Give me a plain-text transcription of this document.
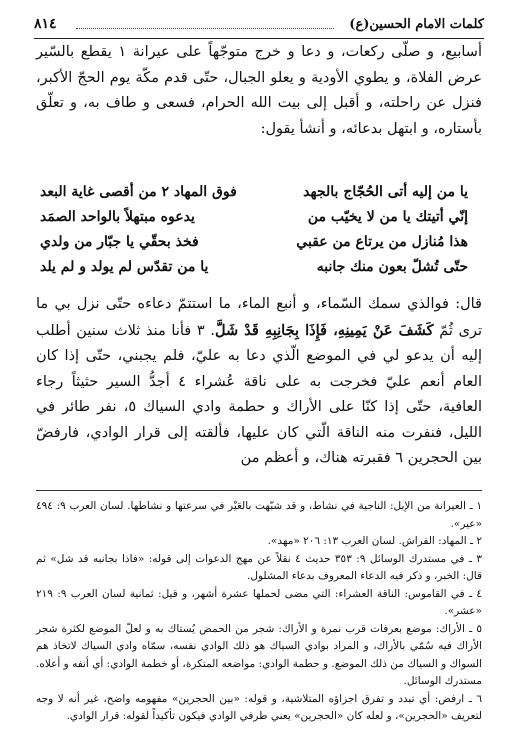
كلمات الامام الحسين(ع)
٨١٤
أسابيع، و صلّى ركعات، و دعا و خرج متوجّهاً على عيرانة ١ يقطع بالسّير عرض الفلاة، و يطوي الأودية و يعلو الجبال، حتّى قدم مكّة يوم الحجّ الأكبر، فنزل عن راحلته، و أقبل إلى بيت الله الحرام، فسعى و طاف به، و تعلّق بأستاره، و ابتهل بدعائه، و أنشأ يقول:
يا من إليه أتى الحُجّاج بالجهد
فوق المهاد ٢ من أقصى غاية البعد
إنّي أتيتك يا من لا يخيّب من
يدعوه مبتهلاً بالواحد الصمَد
هذا مُنازل من يرتاع من عقبي
فخذ بحقّي يا جبّار من ولدي
حتّى تُشلّ بعون منك جانبه
يا من تقدّس لم يولد و لم يلد
قال: فوالذي سمك السّماء، و أنبع الماء، ما استتمّ دعاءه حتّى نزل بي ما ترى ثُمّ كَشَفَ عَنْ يَمِينِهِ، فَإِذَا بِجَانِبِهِ قَدْ شَلَّ. ٣ فأنا منذ ثلاث سنين أطلب إليه أن يدعو لي في الموضع الّذي دعا به عليّ، فلم يجبني، حتّى إذا كان العام أنعم عليّ فخرجت به على ناقة عُشراء ٤ أجدُّ السير حثيثاً رجاء العافية، حتّى إذا كنّا على الأراك و حطمة وادي السياك ٥، نفر طائر في الليل، فنفرت منه الناقة الّتي كان عليها، فألقته إلى قرار الوادي، فارفضّ بين الحجرين ٦ فقبرته هناك، و أعظم من

١ ـ العيرانة من الإبل: الناجية في نشاط، و قد شبّهت بالعَيْر في سرعتها و نشاطها. لسان العرب ٩: ٤٩٤ «عير».

٢ ـ المهاد: الفراش. لسان العرب ١٣: ٢٠٦ «مهد».

٣ ـ في مستدرك الوسائل ٩: ٣٥٣ حديث ٤ نقلاً عن مهج الدعوات إلى قوله: «فاذا بجانبه قد شل» ثم قال: الخبر، و ذكر فيه الدعاء المعروف بدعاء المشلول.

٤ ـ في القاموس: الناقة العشراء: التي مضى لحملها عشرة أشهر، و قيل: ثمانية لسان العرب ٩: ٢١٩ «عشر».

٥ ـ الأراك: موضع بعرفات قرب نمرة و الأراك: شجر من الحمض يُستاك به و لعلّ الموضع لكثرة شجر الأراك فيه سُمّي بالأراك، و المراد بوادي السياك هو ذلك الوادي نفسه، سمّاه وادي السياك لاتخاذ هم السواك و السياك من ذلك الموضع. و حطمة الوادي: مواضعه المتكرة، أو خطمة الوادي: أي أنفه و أعلاه. مستدرك الوسائل.

٦ ـ ارفض: أي تبدد و تفرق اجزاؤه المتلاشية، و قوله: «بين الحجرين» مفهومه واضح، غير أنه لا وجه لتعريف «الحجرين»، و لعله كان «الحجرين» يعني طرفي الوادي فيكون تأكيداً لقوله: قرار الوادي.
